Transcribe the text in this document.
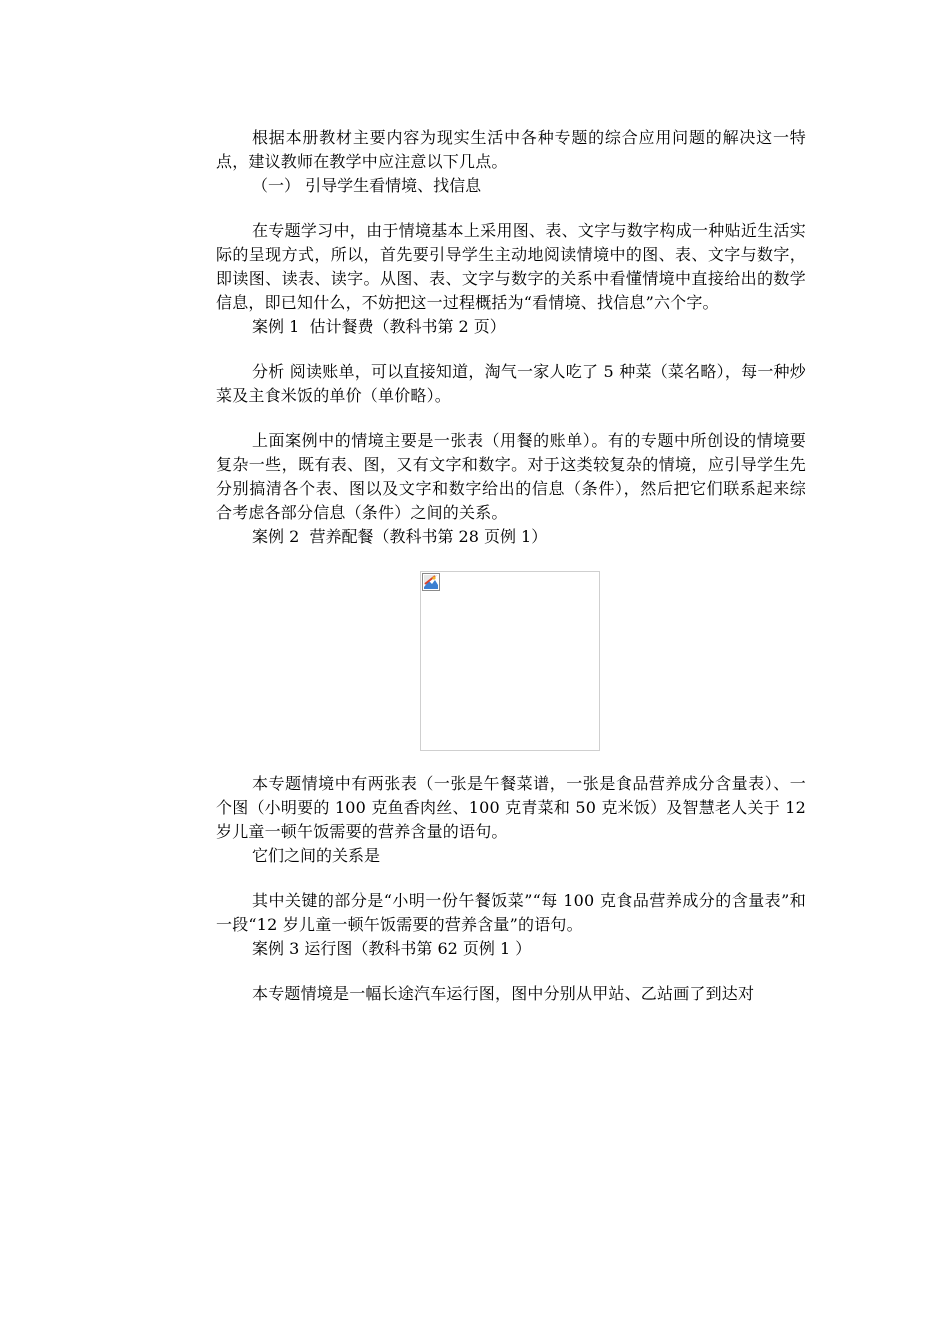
根据本册教材主要内容为现实生活中各种专题的综合应用问题的解决这一特点，建议教师在教学中应注意以下几点。

（一） 引导学生看情境、找信息

在专题学习中，由于情境基本上采用图、表、文字与数字构成一种贴近生活实际的呈现方式，所以，首先要引导学生主动地阅读情境中的图、表、文字与数字，即读图、读表、读字。从图、表、文字与数字的关系中看懂情境中直接给出的数学信息，即已知什么，不妨把这一过程概括为“看情境、找信息”六个字。

案例 1  估计餐费（教科书第 2 页）

分析 阅读账单，可以直接知道，淘气一家人吃了 5 种菜（菜名略），每一种炒菜及主食米饭的单价（单价略）。

上面案例中的情境主要是一张表（用餐的账单）。有的专题中所创设的情境要复杂一些，既有表、图，又有文字和数字。对于这类较复杂的情境，应引导学生先分别搞清各个表、图以及文字和数字给出的信息（条件），然后把它们联系起来综合考虑各部分信息（条件）之间的关系。

案例 2  营养配餐（教科书第 28 页例 1）

本专题情境中有两张表（一张是午餐菜谱，一张是食品营养成分含量表）、一个图（小明要的 100 克鱼香肉丝、100 克青菜和 50 克米饭）及智慧老人关于 12 岁儿童一顿午饭需要的营养含量的语句。

它们之间的关系是

其中关键的部分是“小明一份午餐饭菜”“每 100 克食品营养成分的含量表”和一段“12 岁儿童一顿午饭需要的营养含量”的语句。

案例 3 运行图（教科书第 62 页例 1 ）

本专题情境是一幅长途汽车运行图，图中分别从甲站、乙站画了到达对
